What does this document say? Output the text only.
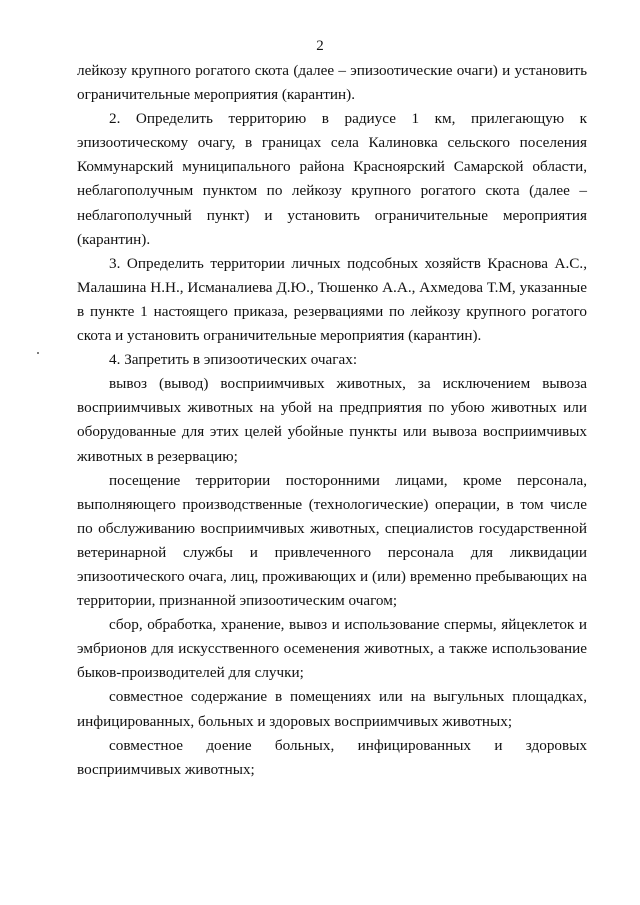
2

лейкозу крупного рогатого скота (далее – эпизоотические очаги) и установить ограничительные мероприятия (карантин).

2. Определить территорию в радиусе 1 км, прилегающую к эпизоотическому очагу, в границах села Калиновка сельского поселения Коммунарский муниципального района Красноярский Самарской области, неблагополучным пунктом по лейкозу крупного рогатого скота (далее – неблагополучный пункт) и установить ограничительные мероприятия (карантин).

3. Определить территории личных подсобных хозяйств Краснова А.С., Малашина Н.Н., Исманалиева Д.Ю., Тюшенко А.А., Ахмедова Т.М, указанные в пункте 1 настоящего приказа, резервациями по лейкозу крупного рогатого скота и установить ограничительные мероприятия (карантин).

4. Запретить в эпизоотических очагах:

вывоз (вывод) восприимчивых животных, за исключением вывоза восприимчивых животных на убой на предприятия по убою животных или оборудованные для этих целей убойные пункты или вывоза восприимчивых животных в резервацию;

посещение территории посторонними лицами, кроме персонала, выполняющего производственные (технологические) операции, в том числе по обслуживанию восприимчивых животных, специалистов государственной ветеринарной службы и привлеченного персонала для ликвидации эпизоотического очага, лиц, проживающих и (или) временно пребывающих на территории, признанной эпизоотическим очагом;

сбор, обработка, хранение, вывоз и использование спермы, яйцеклеток и эмбрионов для искусственного осеменения животных, а также использование быков-производителей для случки;

совместное содержание в помещениях или на выгульных площадках, инфицированных, больных и здоровых восприимчивых животных;

совместное доение больных, инфицированных и здоровых восприимчивых животных;
